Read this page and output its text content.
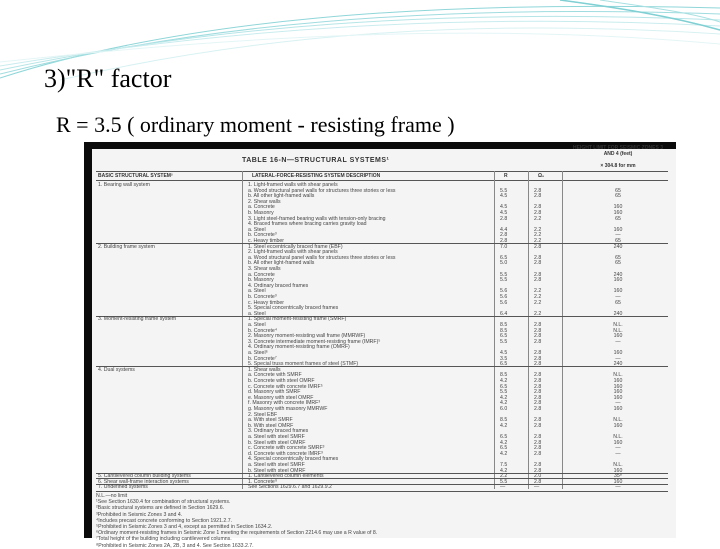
3)"R" factor
R = 3.5 ( ordinary moment - resisting frame )
TABLE 16-N—STRUCTURAL SYSTEMS¹
BASIC STRUCTURAL SYSTEM²	LATERAL-FORCE-RESISTING SYSTEM DESCRIPTION	R	Ω₀
HEIGHT LIMIT FOR SEISMIC ZONES 3 AND 4 (feet)
× 304.8 for mm
1. Bearing wall system	1. Light-framed walls with shear panels
a. Wood structural panel walls for structures three stories or less	5.5	2.8	65
b. All other light-framed walls	4.5	2.8	65
2. Shear walls
a. Concrete	4.5	2.8	160
b. Masonry	4.5	2.8	160
3. Light steel-framed bearing walls with tension-only bracing	2.8	2.2	65
4. Braced frames where bracing carries gravity load
a. Steel	4.4	2.2	160
b. Concrete³	2.8	2.2	—
c. Heavy timber	2.8	2.2	65
2. Building frame system	1. Steel eccentrically braced frame (EBF)	7.0	2.8	240
2. Light-framed walls with shear panels
a. Wood structural panel walls for structures three stories or less	6.5	2.8	65
b. All other light-framed walls	5.0	2.8	65
3. Shear walls
a. Concrete	5.5	2.8	240
b. Masonry	5.5	2.8	160
4. Ordinary braced frames
a. Steel	5.6	2.2	160
b. Concrete³	5.6	2.2	—
c. Heavy timber	5.6	2.2	65
5. Special concentrically braced frames
a. Steel	6.4	2.2	240
3. Moment-resisting frame system	1. Special moment-resisting frame (SMRF)
a. Steel	8.5	2.8	N.L.
b. Concrete⁴	8.5	2.8	N.L.
2. Masonry moment-resisting wall frame (MMRWF)	6.5	2.8	160
3. Concrete intermediate moment-resisting frame (IMRF)⁵	5.5	2.8	—
4. Ordinary moment-resisting frame (OMRF)
a. Steel⁶	4.5	2.8	160
b. Concrete⁷	3.5	2.8	—
5. Special truss moment frames of steel (STMF)	6.5	2.8	240
4. Dual systems	1. Shear walls
a. Concrete with SMRF	8.5	2.8	N.L.
b. Concrete with steel OMRF	4.2	2.8	160
c. Concrete with concrete IMRF⁵	6.5	2.8	160
d. Masonry with SMRF	5.5	2.8	160
e. Masonry with steel OMRF	4.2	2.8	160
f. Masonry with concrete IMRF³	4.2	2.8	—
g. Masonry with masonry MMRWF	6.0	2.8	160
2. Steel EBF
a. With steel SMRF	8.5	2.8	N.L.
b. With steel OMRF	4.2	2.8	160
3. Ordinary braced frames
a. Steel with steel SMRF	6.5	2.8	N.L.
b. Steel with steel OMRF	4.2	2.8	160
c. Concrete with concrete SMRF³	6.5	2.8	—
d. Concrete with concrete IMRF³	4.2	2.8	—
4. Special concentrically braced frames
a. Steel with steel SMRF	7.5	2.8	N.L.
b. Steel with steel OMRF	4.2	2.8	160
5. Cantilevered column building systems	1. Cantilevered column elements	2.2	2.0	35⁸
6. Shear wall-frame interaction systems	1. Concrete⁹	5.5	2.8	160
7. Undefined systems	See Sections 1629.6.7 and 1629.9.2	—	—	—
N.L.—no limit
¹See Section 1630.4 for combination of structural systems.
²Basic structural systems are defined in Section 1629.6.
³Prohibited in Seismic Zones 3 and 4.
⁴Includes precast concrete conforming to Section 1921.2.7.
⁵Prohibited in Seismic Zones 3 and 4, except as permitted in Section 1634.2.
⁶Ordinary moment-resisting frames in Seismic Zone 1 meeting the requirements of Section 2214.6 may use a R value of 8.
⁷Total height of the building including cantilevered columns.
⁸Prohibited in Seismic Zones 2A, 2B, 3 and 4. See Section 1633.2.7.
